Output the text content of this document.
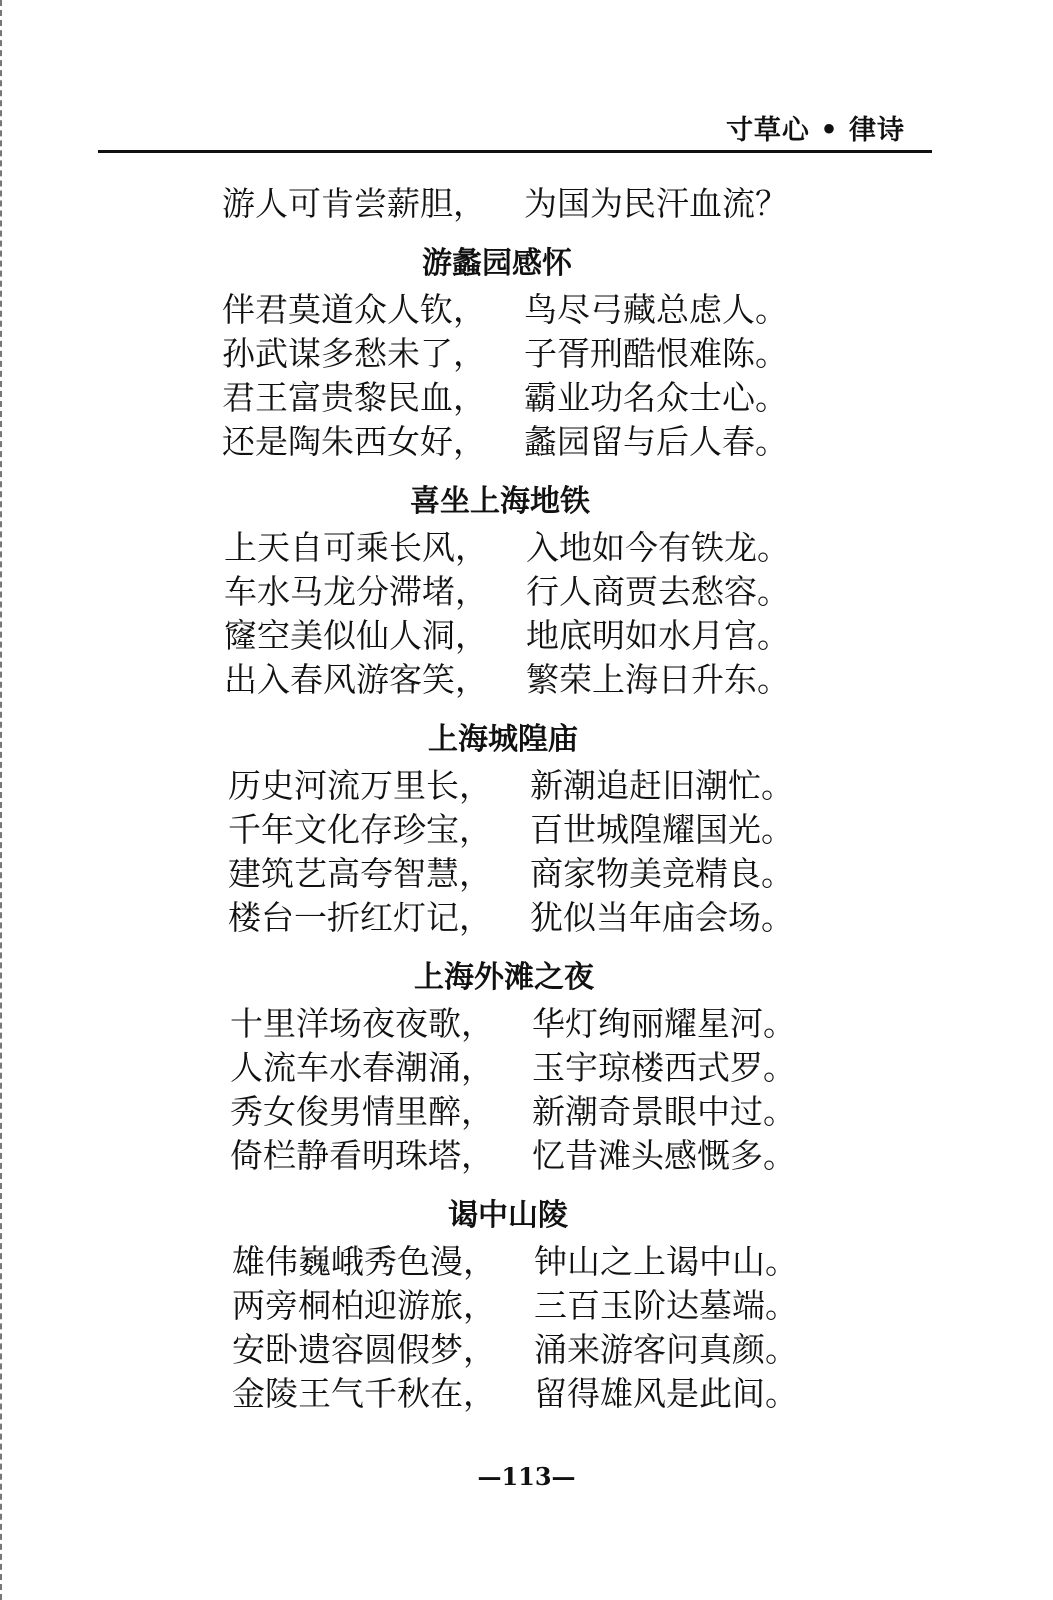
寸草心 • 律诗
游人可肯尝薪胆， 为国为民汗血流？
游蠡园感怀
伴君莫道众人钦， 鸟尽弓藏总虑人。
孙武谋多愁未了， 子胥刑酷恨难陈。
君王富贵黎民血， 霸业功名众士心。
还是陶朱西女好， 蠡园留与后人春。
喜坐上海地铁
上天自可乘长风， 入地如今有铁龙。
车水马龙分滞堵， 行人商贾去愁容。
窿空美似仙人洞， 地底明如水月宫。
出入春风游客笑， 繁荣上海日升东。
上海城隍庙
历史河流万里长， 新潮追赶旧潮忙。
千年文化存珍宝， 百世城隍耀国光。
建筑艺高夸智慧， 商家物美竞精良。
楼台一折红灯记， 犹似当年庙会场。
上海外滩之夜
十里洋场夜夜歌， 华灯绚丽耀星河。
人流车水春潮涌， 玉宇琼楼西式罗。
秀女俊男情里醉， 新潮奇景眼中过。
倚栏静看明珠塔， 忆昔滩头感慨多。
谒中山陵
雄伟巍峨秀色漫， 钟山之上谒中山。
两旁桐柏迎游旅， 三百玉阶达墓端。
安卧遗容圆假梦， 涌来游客问真颜。
金陵王气千秋在， 留得雄风是此间。
—113—
